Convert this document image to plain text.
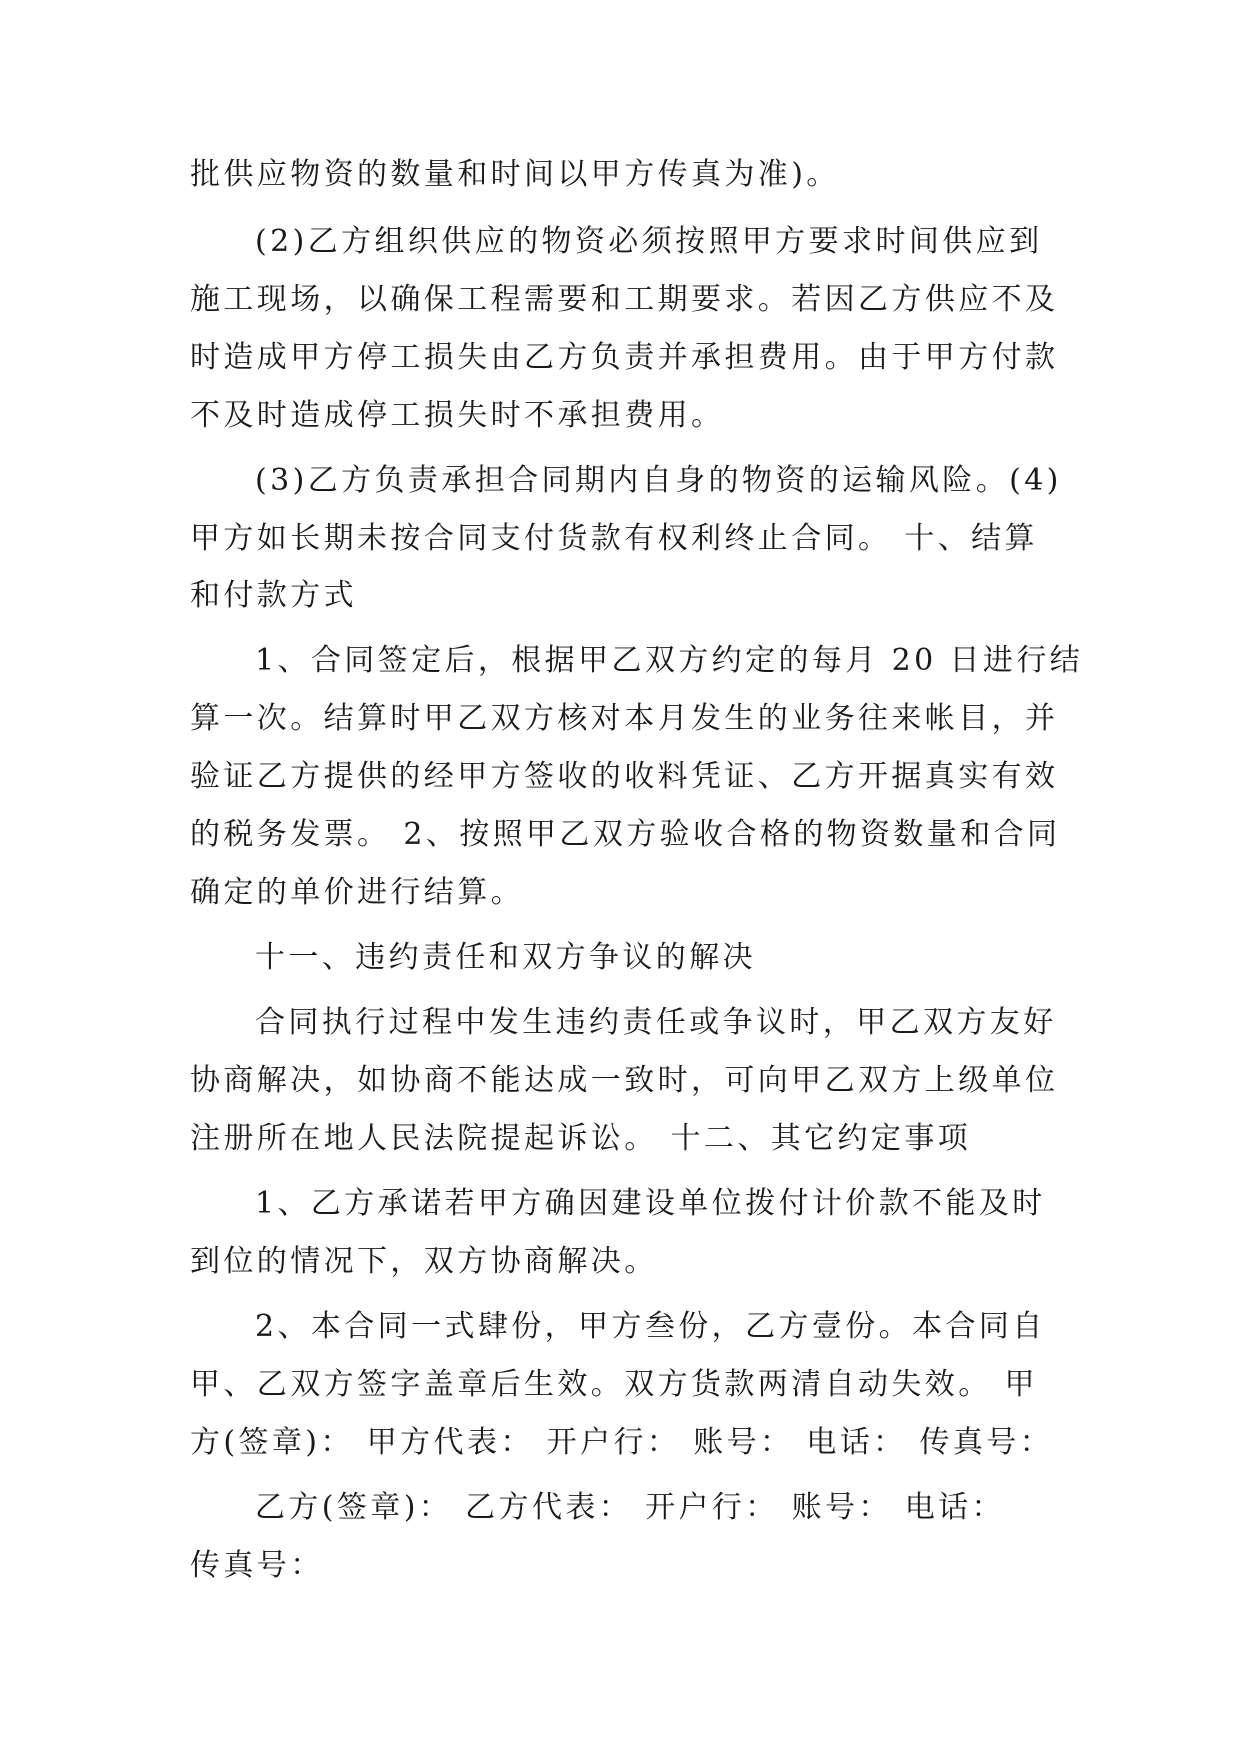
批供应物资的数量和时间以甲方传真为准)。
(2)乙方组织供应的物资必须按照甲方要求时间供应到
施工现场，以确保工程需要和工期要求。若因乙方供应不及
时造成甲方停工损失由乙方负责并承担费用。由于甲方付款
不及时造成停工损失时不承担费用。
(3)乙方负责承担合同期内自身的物资的运输风险。(4)
甲方如长期未按合同支付货款有权利终止合同。 十、结算
和付款方式
1、合同签定后，根据甲乙双方约定的每月 20 日进行结
算一次。结算时甲乙双方核对本月发生的业务往来帐目，并
验证乙方提供的经甲方签收的收料凭证、乙方开据真实有效
的税务发票。 2、按照甲乙双方验收合格的物资数量和合同
确定的单价进行结算。
十一、违约责任和双方争议的解决
合同执行过程中发生违约责任或争议时，甲乙双方友好
协商解决，如协商不能达成一致时，可向甲乙双方上级单位
注册所在地人民法院提起诉讼。 十二、其它约定事项
1、乙方承诺若甲方确因建设单位拨付计价款不能及时
到位的情况下，双方协商解决。
2、本合同一式肆份，甲方叁份，乙方壹份。本合同自
甲、乙双方签字盖章后生效。双方货款两清自动失效。 甲
方(签章)： 甲方代表： 开户行： 账号： 电话： 传真号：
乙方(签章)： 乙方代表： 开户行： 账号： 电话：
传真号：
